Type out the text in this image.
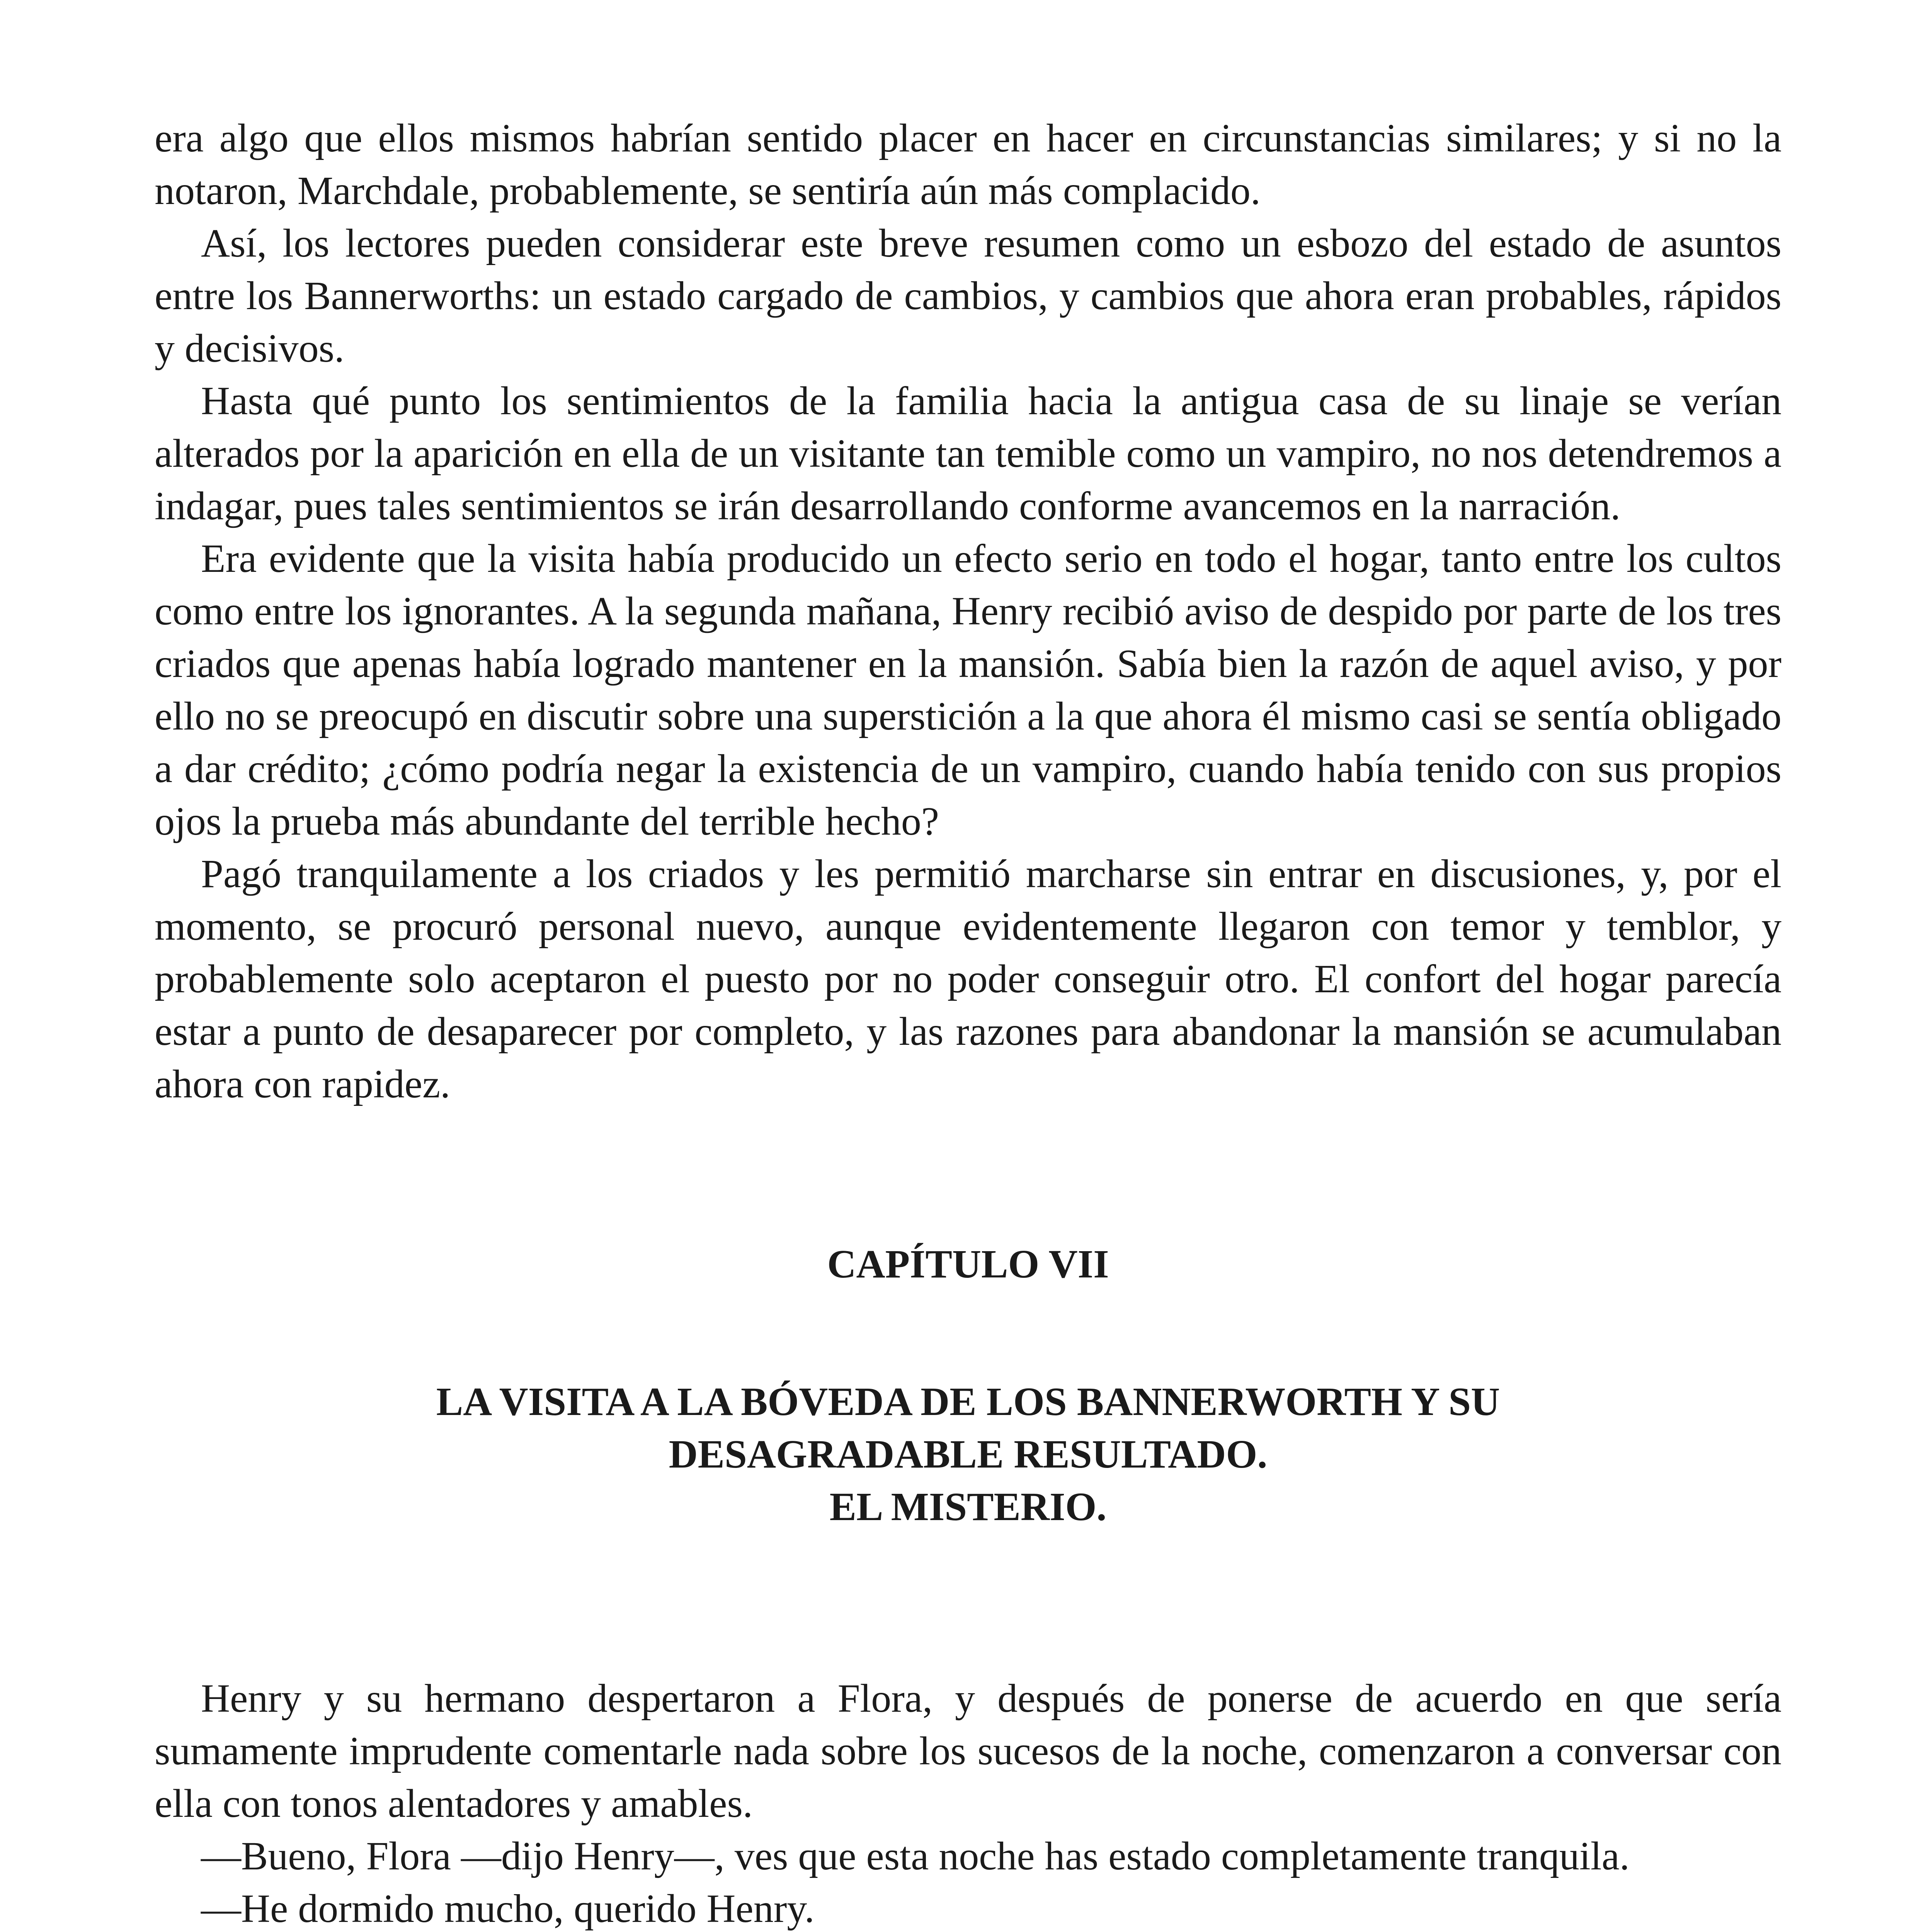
era algo que ellos mismos habrían sentido placer en hacer en circunstancias similares; y si no la notaron, Marchdale, probablemente, se sentiría aún más complacido.

Así, los lectores pueden considerar este breve resumen como un esbozo del estado de asuntos entre los Bannerworths: un estado cargado de cambios, y cambios que ahora eran probables, rápidos y decisivos.

Hasta qué punto los sentimientos de la familia hacia la antigua casa de su linaje se verían alterados por la aparición en ella de un visitante tan temible como un vampiro, no nos detendremos a indagar, pues tales sentimientos se irán desarrollando conforme avancemos en la narración.

Era evidente que la visita había producido un efecto serio en todo el hogar, tanto entre los cultos como entre los ignorantes. A la segunda mañana, Henry recibió aviso de despido por parte de los tres criados que apenas había logrado mantener en la mansión. Sabía bien la razón de aquel aviso, y por ello no se preocupó en discutir sobre una superstición a la que ahora él mismo casi se sentía obligado a dar crédito; ¿cómo podría negar la existencia de un vampiro, cuando había tenido con sus propios ojos la prueba más abundante del terrible hecho?

Pagó tranquilamente a los criados y les permitió marcharse sin entrar en discusiones, y, por el momento, se procuró personal nuevo, aunque evidentemente llegaron con temor y temblor, y probablemente solo aceptaron el puesto por no poder conseguir otro. El confort del hogar parecía estar a punto de desaparecer por completo, y las razones para abandonar la mansión se acumulaban ahora con rapidez.

CAPÍTULO VII

LA VISITA A LA BÓVEDA DE LOS BANNERWORTH Y SU
DESAGRADABLE RESULTADO.
EL MISTERIO.

Henry y su hermano despertaron a Flora, y después de ponerse de acuerdo en que sería sumamente imprudente comentarle nada sobre los sucesos de la noche, comenzaron a conversar con ella con tonos alentadores y amables.

—Bueno, Flora —dijo Henry—, ves que esta noche has estado completamente tranquila.

—He dormido mucho, querido Henry.
